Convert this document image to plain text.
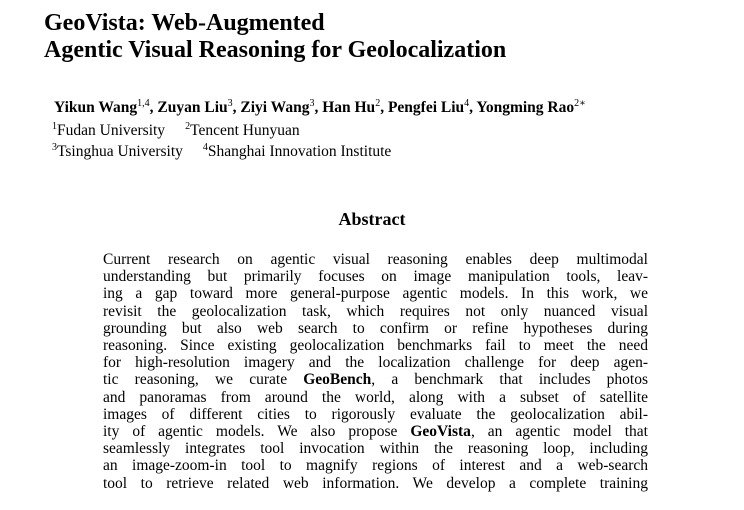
GeoVista: Web-Augmented
Agentic Visual Reasoning for Geolocalization
Yikun Wang$^{1,4}$, Zuyan Liu$^3$, Ziyi Wang$^3$, Han Hu$^2$, Pengfei Liu$^4$, Yongming Rao$^{2∗}$
$^1$Fudan University $^2$Tencent Hunyuan
$^3$Tsinghua University $^4$Shanghai Innovation Institute
Abstract
Current research on agentic visual reasoning enables deep multimodal
understanding but primarily focuses on image manipulation tools, leav-
ing a gap toward more general-purpose agentic models. In this work, we
revisit the geolocalization task, which requires not only nuanced visual
grounding but also web search to confirm or refine hypotheses during
reasoning. Since existing geolocalization benchmarks fail to meet the need
for high-resolution imagery and the localization challenge for deep agen-
tic reasoning, we curate GeoBench, a benchmark that includes photos
and panoramas from around the world, along with a subset of satellite
images of different cities to rigorously evaluate the geolocalization abil-
ity of agentic models. We also propose GeoVista, an agentic model that
seamlessly integrates tool invocation within the reasoning loop, including
an image-zoom-in tool to magnify regions of interest and a web-search
tool to retrieve related web information. We develop a complete training
